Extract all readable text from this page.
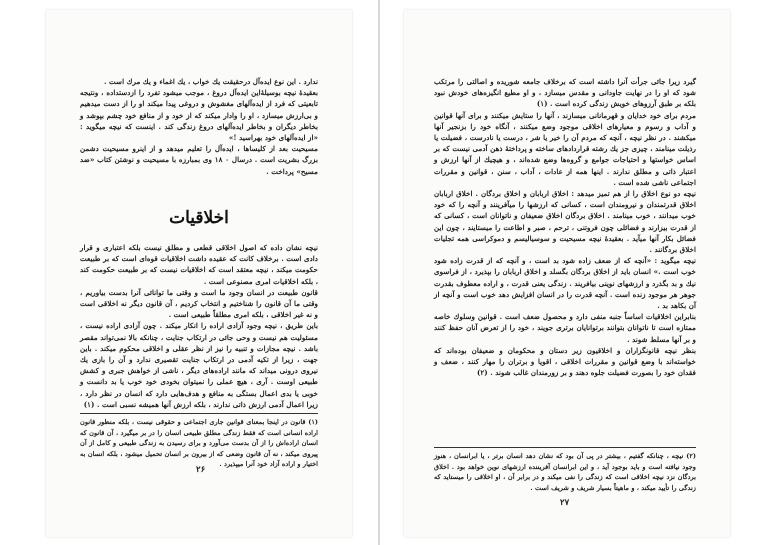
ندارد . این نوع ایده‌آل درحقیقت یك خواب ، یك اغماء و یك مرك است .

بعقیدهٔ نیچه بوسیلهٔ‌این ایده‌آل دروغ ، موجب میشود تفرد را ازدستداده ، ونتیجه تابعیتی که فرد از ایده‌آلهای مغشوش و دروغی پیدا میکند او را از دست میدهیم و بی‌ارزش میسازد ، او را وادار میکند که از خود و از منافع خود چشم بپوشد و بخاطر دیگران و بخاطر ایده‌آلهای دروغ زندگی کند . اینست که نیچه میگوید : «از ایده‌آلهای خود بهراسید !»

مسیحیت بعد از کلیساها ، ایده‌آل را تعلیم میدهد و از اینرو مسیحیت دشمن بزرگ بشریت است . درسال ۰ ۱۸ وی بمبارزه با مسیحیت و نوشتن کتاب «ضد مسیح» پرداخت .

اخلاقیات

نیچه نشان داده که اصول اخلاقی قطعی و مطلق نیست بلکه اعتباری و قرار دادی است . برخلاف کانت که عقیده داشت اخلاقیات قوه‌ای است که بر طبیعت حکومت میکند ، نیچه معتقد است که اخلاقیات نیست که بر طبیعت حکومت کند ، بلکه اخلاقیات امری مصنوعی است .

قانون طبیعت در انسان وجود ما است و وقتی ما توانائی آنرا بدست بیاوریم ، وقتی ما آن قانون را شناختیم و انتخاب کردیم ، آن قانون دیگر نه اخلاقی است و نه غیر اخلاقی ، بلکه امری مطلقاً طبیعی است .

باین طریق ، نیچه وجود آزادی اراده را انکار میکند . چون آزادی اراده نیست ، مسئولیت هم نیست و وحی جائی در ارتکاب جنایت ، چنانکه بالا نمی‌تواند مقصر باشد . نیچه مجازات و تنبیه را نیز از نظر عقلی و اخلاقی محکوم میکند . باین جهت ، زیرا از تکیه آدمی در ارتکاب جنایت تقصیری ندارد و آن را بازی یك نیروی درونی میداند که مانند اراده‌های دیگر ، ناشی از خواهش جبری و کشش طبیعی اوست . آری ، هیچ عملی را نمیتوان بخودی خود خوب یا بد دانست و خوبی یا بدی اعمال بستگی به منافع و هدف‌هایی دارد که انسان در نظر دارد ، زیرا اعمال آدمی ارزش ذاتی ندارند ، بلکه ارزش آنها همیشه نسبی است . (۱)

(۱) قانون در اینجا بمعنای قوانین جاری اجتماعی و حقوقی نیست ، بلکه منظور قانون اراده انسانی است که فقط زندگی مطلق طبیعی انسان را در بر میگیرد ، آن قانون که انسان اراده‌اش را از آن بدست می‌آورد و برای رسیدن به زندگی طبیعی و کامل از آن پیروی میکند ، نه آن قانون وضعی که از بیرون بر انسان تحمیل میشود ، بلکه انسان به اختیار و اراده آزاد خود آنرا میپذیرد .
۲۶

گیرد زیرا جائی جرأت آنرا داشته است که برخلاف جامعه شوریده و اصالتی را مرتکب شود که او را در نهایت جاودانی و مقدس میسازد ، و او مطیع انگیزه‌های خودش نبود بلکه بر طبق آرزوهای خویش زندگی کرده است . (۱)

مردم برای خود خدایان و قهرمانانی میسازند ، آنها را ستایش میکنند و برای آنها قوانین و آداب و رسوم و معیارهای اخلاقی موجود وضع میکنند ، آنگاه خود را بزنجیر آنها میکشند . در نظر نیچه ، آنچه که مردم آن را خیر یا شر ، درست یا نادرست ، فضیلت یا رذیلت مینامند ، چیزی جز یك رشته قراردادهای ساخته و پرداختهٔ ذهن آدمی نیست که بر اساس خواستها و احتیاجات جوامع و گروه‌ها وضع شده‌اند ، و هیچیك از آنها ارزش و اعتبار ذاتی و مطلق ندارند . اینها همه از عادات ، آداب ، سنن ، قوانین و مقررات اجتماعی ناشی شده است .

نیچه دو نوع اخلاق را از هم تمیز میدهد : اخلاق اربابان و اخلاق بردگان . اخلاق اربابان اخلاق قدرتمندان و نیرومندان است ، کسانی که ارزشها را میآفرینند و آنچه را که خود خوب میدانند ، خوب مینامند . اخلاق بردگان اخلاق ضعیفان و ناتوانان است ، کسانی که از قدرت بیزارند و فضائلی چون فروتنی ، ترحم ، صبر و اطاعت را میستایند ، چون این فضائل بکار آنها میآید . بعقیدهٔ نیچه مسیحیت و سوسیالیسم و دموکراسی همه تجلیات اخلاق بردگانند .

نیچه میگوید : «آنچه که از ضعف زاده شود بد است ، و آنچه که از قدرت زاده شود خوب است .» انسان باید از اخلاق بردگان بگسلد و اخلاق اربابان را بپذیرد ، از فراسوی نیك و بد بگذرد و ارزشهای نوینی بیافریند . زندگی یعنی قدرت ، و اراده معطوف بقدرت جوهر هر موجود زنده است . آنچه قدرت را در انسان افزایش دهد خوب است و آنچه از آن بکاهد بد .

بنابراین اخلاقیات اساساً جنبه منفی دارد و محصول ضعف است . قوانین وسلوك خاصه ممتازه است تا ناتوانان بتوانند برتوانایان برتری جویند ، خود را از تعرض آنان حفظ کنند و بر آنها مسلط شوند .

بنظر نیچه قانونگزاران و اخلاقیون زیر دستان و محکومان و ضعیفان بوده‌اند که خواسته‌اند با وضع قوانین و مقررات اخلاقی ، اقویا و برتران را مهار کنند ، ضعف و فقدان خود را بصورت فضیلت جلوه دهند و بر زورمندان غالب شوند . (۲)

(۲) نیچه ، چنانکه گفتیم ، بیشتر در پی آن بود که نشان دهد انسان برتر ، یا ابرانسان ، هنوز وجود نیافته است و باید بوجود آید ، و این ابرانسان آفریننده ارزشهای نوین خواهد بود . اخلاق بردگان نزد نیچه اخلاقی است که زندگی را نفی میکند و در برابر آن ، او اخلاقی را میستاید که زندگی را تأیید میکند ، و ماهیتاً بسیار شریف و شریف است .
۲۷
